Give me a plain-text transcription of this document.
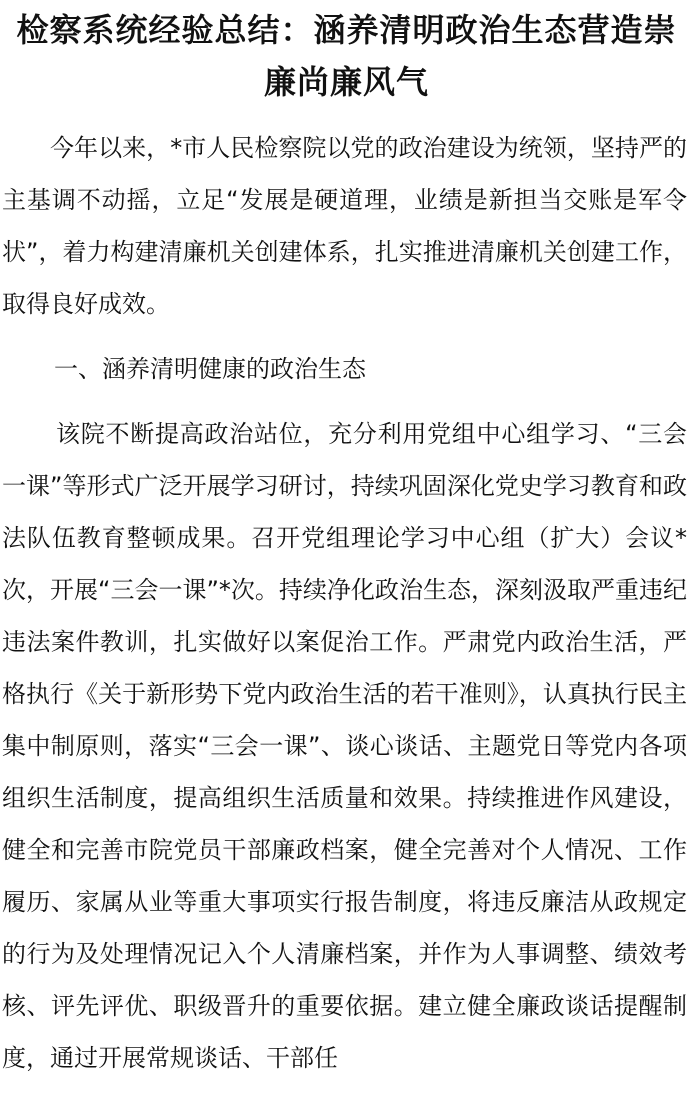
检察系统经验总结：涵养清明政治生态营造崇廉尚廉风气

今年以来，*市人民检察院以党的政治建设为统领，坚持严的主基调不动摇，立足“发展是硬道理，业绩是新担当交账是军令状”，着力构建清廉机关创建体系，扎实推进清廉机关创建工作，取得良好成效。

一、涵养清明健康的政治生态

该院不断提高政治站位，充分利用党组中心组学习、“三会一课”等形式广泛开展学习研讨，持续巩固深化党史学习教育和政法队伍教育整顿成果。召开党组理论学习中心组（扩大）会议*次，开展“三会一课”*次。持续净化政治生态，深刻汲取严重违纪违法案件教训，扎实做好以案促治工作。严肃党内政治生活，严格执行《关于新形势下党内政治生活的若干准则》，认真执行民主集中制原则，落实“三会一课”、谈心谈话、主题党日等党内各项组织生活制度，提高组织生活质量和效果。持续推进作风建设，健全和完善市院党员干部廉政档案，健全完善对个人情况、工作履历、家属从业等重大事项实行报告制度，将违反廉洁从政规定的行为及处理情况记入个人清廉档案，并作为人事调整、绩效考核、评先评优、职级晋升的重要依据。建立健全廉政谈话提醒制度，通过开展常规谈话、干部任
